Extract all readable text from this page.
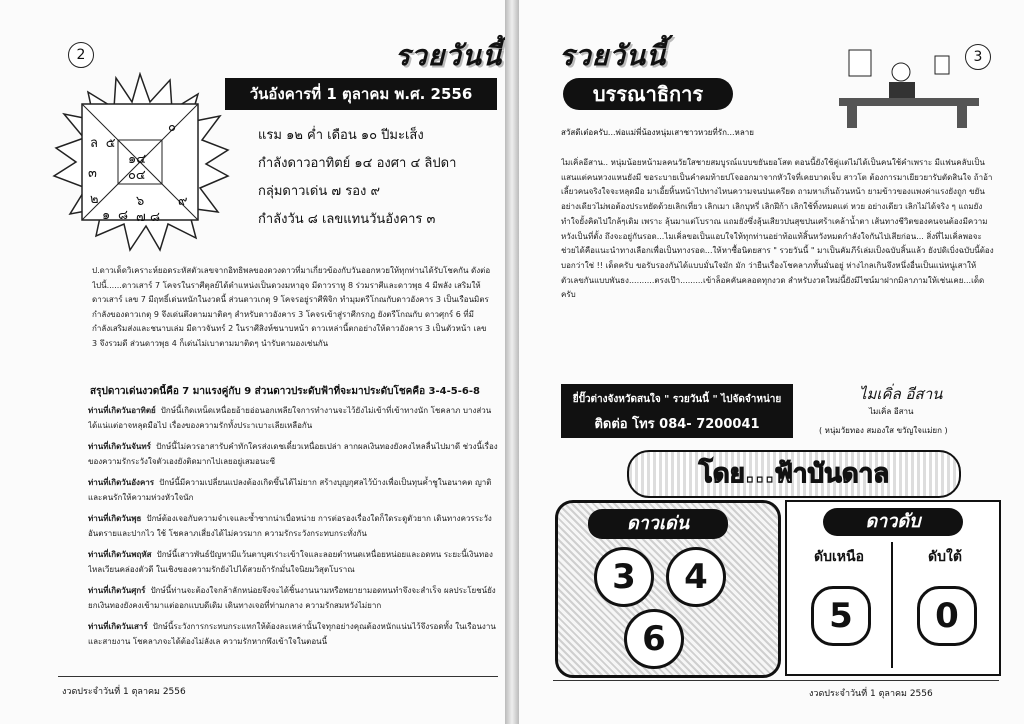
2	รวยวันนี้
ล ๕
๐
๓
๑๔
๐๔
๒
๑ ๘
๖
๗
๙
๘
วันอังคารที่ 1 ตุลาคม พ.ศ. 2556
แรม ๑๒ ค่ำ เดือน ๑๐ ปีมะเส็ง
กำลังดาวอาทิตย์ ๑๔ องศา ๔ ลิปดา
กลุ่มดาวเด่น ๗ รอง ๙
กำลังวัน ๘ เลขแทนวันอังคาร ๓
ป.ดาวเด็ดวิเคราะห์ยอดระหัสตัวเลขจากอิทธิพลของดวงดาวที่มาเกี่ยวข้องกับวันออกหวยให้ทุกท่านได้รับโชคกัน ดังต่อไปนี้......ดาวเสาร์ 7 โคจรในราศีตุลย์ได้ตำแหน่งเป็นดวงมหาอุจ มีดาวราหู 8 ร่วมราศีและดาวพุธ 4 มีพลัง เสริมให้ดาวเสาร์ เลข 7 มีฤทธิ์เด่นหนักในงวดนี้ ส่วนดาวเกตุ 9 โคจรอยู่ราศีพิจิก ทำมุมตรีโกณกับดาวอังคาร 3 เป็นเรือนมิตร กำลังของดาวเกตุ 9 จึงเด่นตึงตามมาติดๆ สำหรับดาวอังคาร 3 โคจรเข้าสู่ราศีกรกฎ ยังตรีโกณกับ ดาวศุกร์ 6 ที่มีกำลังเสริมส่งและชนาบเล่ม มีดาวจันทร์ 2 ในราศีสิงห์ชนาบหน้า ดาวเหล่านี้ตกอย่างให้ดาวอังคาร 3 เป็นตัวหน้า เลข 3 จึงรวมดี ส่วนดาวพุธ 4 ก็เด่นไม่เบาตามมาติดๆ นำรับตามองเช่นกัน
สรุปดาวเด่นงวดนี้คือ 7 มาแรงคู่กับ 9 ส่วนดาวประดับฟ้าที่จะมาประดับโชคคือ 3-4-5-6-8
ท่านที่เกิดวันอาทิตย์ ปักษ์นี้เกิดเหน็ดเหนื่อยอ้ายอ่อนอกเพลียใจการทำงานจะไว้ยังไม่เข้าที่เข้าทางนัก โชคลาภ บางส่วนได้แน่แต่อาจหลุดมือไป เรื่องของความรักทั้งประาเบาะเลียเหลือกัน
ท่านที่เกิดวันจันทร์ ปักษ์นี้ไม่ควรอาสารับคำทักใครส่งเดชเดี๋ยวเหนื่อยเปล่า ลากผลเงินทองยังคงไหลลื่นไปมาดี ช่วงนี้เรื่องของความรักระวังใจตัวเองยังติดมากไปเลยอยู่เสมอนะซี
ท่านที่เกิดวันอังคาร ปักษ์นี้มีความเปลี่ยนแปลงต้องเกิดขึ้นได้ไม่ยาก สร้างบุญกุศลไว้บ้างเพื่อเป็นทุนค้ำชูในอนาคต ญาติและคนรักให้ความห่วงหัวใจนัก
ท่านที่เกิดวันพุธ ปักษ์ต้องเจอกับความจำเจและซ้ำซากน่าเบื่อหน่าย การต่อรองเรื่องใดก็ใดระดูตัวยาก เดินทางควรระวังอันตรายและปากไว ใช้ โชคลาภเสี่ยงได้ไม่ควรมาก ความรักระวังกระทบกระทั่งกัน
ท่านที่เกิดวันพฤหัส ปักษ์นี้เสาวพันธ์ปัญหามีแว้นตาบุศเร่าะเข้าใจและลอยตำหนดเหนื่อยหน่อยและอดทน ระยะนี้เงินทอง ไหลเวียนคล่องตัวดี ในเชิงของความรักยังไปได้สวยถ้ารักมั่นใจนิยมวิสุตโบราณ
ท่านที่เกิดวันศุกร์ ปักษ์นี้ท่านจะต้องใจกล้าลักหน่อยจึงจะได้ชิ้นงานนามหรือพยายามอดทนทำจึงจะสำเร็จ ผลประโยชน์ยังยกเงินทองยังคงเข้ามาแต่ออกแบบดีเดิม เดินทางเจอที่ท่ามกลาง ความรักสมหวังไม่ยาก
ท่านที่เกิดวันเสาร์ ปักษ์นี้ระวังการกระทบกระแทกให้ต้องละเหล่านั้นใจทุกอย่างคุณต้องหนักแน่นไว้จึงรอดทั้ง ในเรือนงานและสายงาน โชคลาภจะได้ต้องไม่ลังเล ความรักหากพึงเข้าใจในตอนนี้
งวดประจำวันที่ 1 ตุลาคม 2556
รวยวันนี้	3
บรรณาธิการ
สวัสดีเต๋อครับ...พ่อแม่พี่น้องหนุ่มเสาชาวหวยที่รัก...หลาย
ไมเคิ่ลอีสาน.. หนุ่มน้อยหน้ามลคนวัยใสชายสมบูรณ์แบบขยันยอโสต ตอนนี้ยังใช้คู่แต่ไม่ได้เป็นคนใช้คำเพราะ มีแฟนคลับเป็นแสนแต่คนหวงแหนยังมี ขอระบายเป็นคำคมท้ายปโจออกมาจากหัวใจที่เคยบาดเจ็บ สาวโต ต้องการมาเยียวยารับตัดสินใจ ถ้าอ้าเลี้ยวคนจริงใจจะหลุดมือ มาเอี้ยหิ้นหน้าไปทางไหนความจนปนเครียด ถามหาเกิ่นถ้วนหน้า ยามข้าวของแพงค่าแรงยังถูก ขยัน อย่างเดียวไม่พอต้องประหยัดด้วยเลิกเที่ยว เลิกเมา เลิกบุหรี่ เลิกฝีก้า เลิกใช้ทิ้งหมดแต่ หวย อย่างเดียว เลิกไม่ได้จริง ๆ แถมยังทำใจยั้งคิดไปใกล้ๆเดิม เพราะ ลุ้นมาแต่โบราณ แถมยังซึ่งลุ้นเสียวปนสุขปนเศร้าเคล้าน้ำตา เส้นทางชีวิตของคนจนต้องมีความหวังเป็นที่ตั้ง ถึงจะอยู่กันรอด...ไมเคิ่ลขอเป็นแอบใจให้ทุกท่านอย่าท้อแท้สิ้นหวังหมดกำลังใจกันไปเสียก่อน... สิ่งที่ไมเคิ่ลพอจะ ช่วยได้คือแนะนำทางเลือกเพื่อเป็นทางรอด...ให้หาซื้อนิตยสาร " รวยวันนี้ " มาเป็นคัมภีร์เล่มเป็งฉบับสิ้นแล้ว ยังปดิเบิ่งฉบับนี้ต้องบอกว่าใช่ !! เด็ดครับ ขอรับรองกันได้แบบมั่นใจมัก มัก ว่ายืนเรื่องโชคลาภทั้นมั่นอยู่ ห่างไกลเกินจึงหนึ่งอื่นเป็นแน่หนู่เสาให้ตัวเลขกันแบบพันธง..........ตรงเป๊า.........เข้าล็อคคันคลอดทุกงวด สำหรับงวดใหม่นี้ยังมีไซน์มาฝากมิลาภามให้เช่นเคย...เด็ดครับ
ยี่ปั๊วต่างจังหวัดสนใจ " รวยวันนี้ " ไปจัดจำหน่าย
ติดต่อ โทร 084- 7200041
ไมเคิ่ล อีสาน
ไมเคิ่ล อีสาน
( หนุ่มวัยทอง สมองใส ขวัญใจแม่ยก )
โดย...ฟ้าบันดาล
ดาวเด่น
3	4
6
ดาวดับ
ดับเหนือ	ดับใต้
5	0
งวดประจำวันที่ 1 ตุลาคม 2556
